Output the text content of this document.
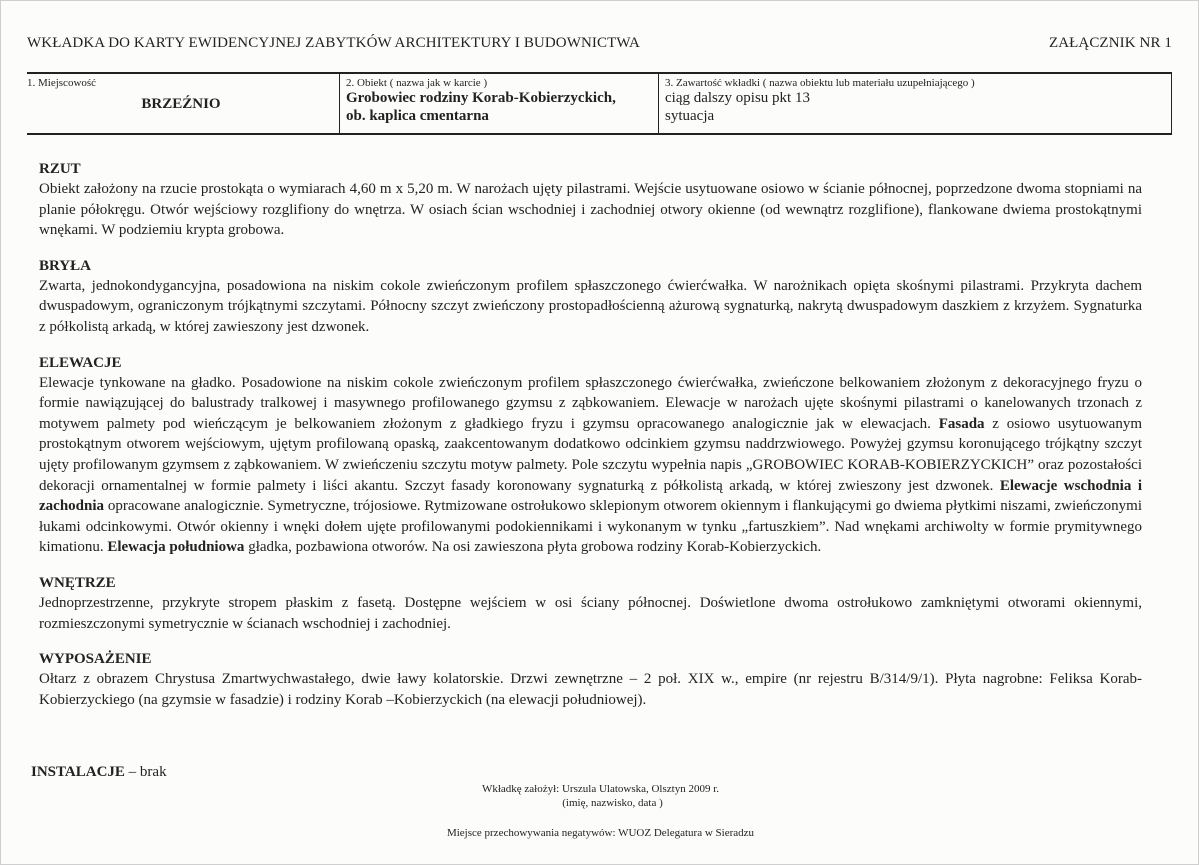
WKŁADKA DO KARTY EWIDENCYJNEJ ZABYTKÓW ARCHITEKTURY I BUDOWNICTWA	ZAŁĄCZNIK NR 1
1. Miejscowość
BRZEŹNIO
2. Obiekt ( nazwa jak w karcie )
Grobowiec rodziny Korab-Kobierzyckich,
ob. kaplica cmentarna
3. Zawartość wkładki ( nazwa obiektu lub materiału uzupełniającego )
ciąg dalszy opisu pkt 13
sytuacja
RZUT

Obiekt założony na rzucie prostokąta o wymiarach 4,60 m x 5,20 m. W narożach ujęty pilastrami. Wejście usytuowane osiowo w ścianie północnej, poprzedzone dwoma stopniami na planie półokręgu. Otwór wejściowy rozglifiony do wnętrza. W osiach ścian wschodniej i zachodniej otwory okienne (od wewnątrz rozglifione), flankowane dwiema prostokątnymi wnękami. W podziemiu krypta grobowa.

BRYŁA

Zwarta, jednokondygancyjna, posadowiona na niskim cokole zwieńczonym profilem spłaszczonego ćwierćwałka. W narożnikach opięta skośnymi pilastrami. Przykryta dachem dwuspadowym, ograniczonym trójkątnymi szczytami. Północny szczyt zwieńczony prostopadłościenną ażurową sygnaturką, nakrytą dwuspadowym daszkiem z krzyżem. Sygnaturka z półkolistą arkadą, w której zawieszony jest dzwonek.

ELEWACJE

Elewacje tynkowane na gładko. Posadowione na niskim cokole zwieńczonym profilem spłaszczonego ćwierćwałka, zwieńczone belkowaniem złożonym z dekoracyjnego fryzu o formie nawiązującej do balustrady tralkowej i masywnego profilowanego gzymsu z ząbkowaniem. Elewacje w narożach ujęte skośnymi pilastrami o kanelowanych trzonach z motywem palmety pod wieńczącym je belkowaniem złożonym z gładkiego fryzu i gzymsu opracowanego analogicznie jak w elewacjach. Fasada z osiowo usytuowanym prostokątnym otworem wejściowym, ujętym profilowaną opaską, zaakcentowanym dodatkowo odcinkiem gzymsu naddrzwiowego. Powyżej gzymsu koronującego trójkątny szczyt ujęty profilowanym gzymsem z ząbkowaniem. W zwieńczeniu szczytu motyw palmety. Pole szczytu wypełnia napis „GROBOWIEC KORAB-KOBIERZYCKICH” oraz pozostałości dekoracji ornamentalnej w formie palmety i liści akantu. Szczyt fasady koronowany sygnaturką z półkolistą arkadą, w której zwieszony jest dzwonek. Elewacje wschodnia i zachodnia opracowane analogicznie. Symetryczne, trójosiowe. Rytmizowane ostrołukowo sklepionym otworem okiennym i flankującymi go dwiema płytkimi niszami, zwieńczonymi łukami odcinkowymi. Otwór okienny i wnęki dołem ujęte profilowanymi podokiennikami i wykonanym w tynku „fartuszkiem”. Nad wnękami archiwolty w formie prymitywnego kimationu. Elewacja południowa gładka, pozbawiona otworów. Na osi zawieszona płyta grobowa rodziny Korab-Kobierzyckich.

WNĘTRZE

Jednoprzestrzenne, przykryte stropem płaskim z fasetą. Dostępne wejściem w osi ściany północnej. Doświetlone dwoma ostrołukowo zamkniętymi otworami okiennymi, rozmieszczonymi symetrycznie w ścianach wschodniej i zachodniej.

WYPOSAŻENIE

Ołtarz z obrazem Chrystusa Zmartwychwastałego, dwie ławy kolatorskie. Drzwi zewnętrzne – 2 poł. XIX w., empire (nr rejestru B/314/9/1). Płyta nagrobne: Feliksa Korab-Kobierzyckiego (na gzymsie w fasadzie) i rodziny Korab –Kobierzyckich (na elewacji południowej).

INSTALACJE – brak
Wkładkę założył: Urszula Ulatowska, Olsztyn 2009 r.
(imię, nazwisko, data )
Miejsce przechowywania negatywów: WUOZ Delegatura w Sieradzu
